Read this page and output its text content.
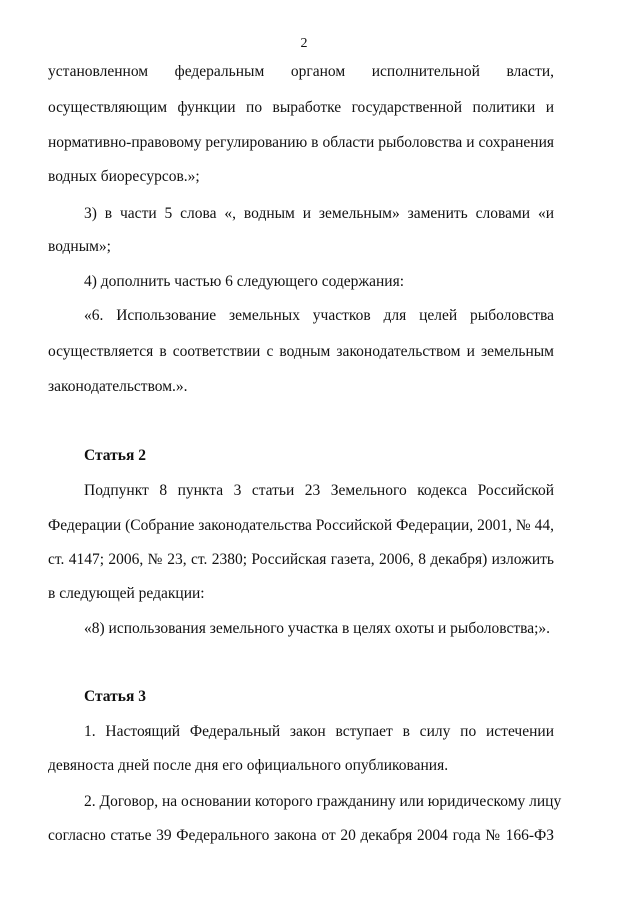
2
установленном федеральным органом исполнительной власти,
осуществляющим функции по выработке государственной политики и
нормативно-правовому регулированию в области рыболовства и сохранения
водных биоресурсов.»;
3) в части 5 слова «, водным и земельным» заменить словами «и
водным»;
4) дополнить частью 6 следующего содержания:
«6. Использование земельных участков для целей рыболовства
осуществляется в соответствии с водным законодательством и земельным
законодательством.».
Статья 2
Подпункт 8 пункта 3 статьи 23 Земельного кодекса Российской
Федерации (Собрание законодательства Российской Федерации, 2001, № 44,
ст. 4147; 2006, № 23, ст. 2380; Российская газета, 2006, 8 декабря) изложить
в следующей редакции:
«8) использования земельного участка в целях охоты и рыболовства;».
Статья 3
1. Настоящий Федеральный закон вступает в силу по истечении
девяноста дней после дня его официального опубликования.
2. Договор, на основании которого гражданину или юридическому лицу
согласно статье 39 Федерального закона от 20 декабря 2004 года № 166-ФЗ
